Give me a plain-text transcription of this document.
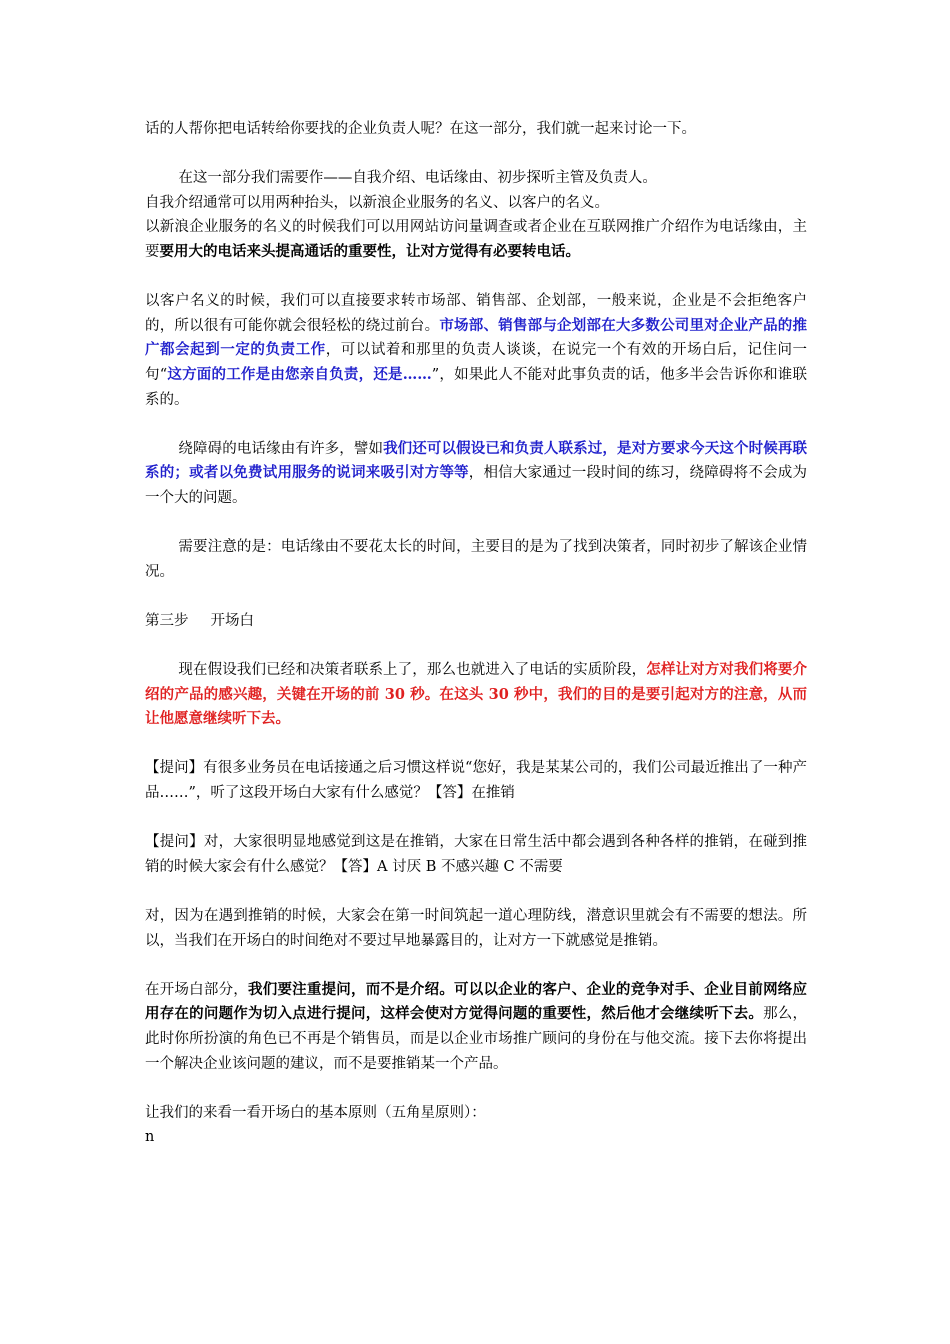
话的人帮你把电话转给你要找的企业负责人呢？在这一部分，我们就一起来讨论一下。

在这一部分我们需要作——自我介绍、电话缘由、初步探听主管及负责人。

自我介绍通常可以用两种抬头，以新浪企业服务的名义、以客户的名义。

以新浪企业服务的名义的时候我们可以用网站访问量调查或者企业在互联网推广介绍作为电话缘由，主要要用大的电话来头提高通话的重要性，让对方觉得有必要转电话。

以客户名义的时候，我们可以直接要求转市场部、销售部、企划部，一般来说，企业是不会拒绝客户的，所以很有可能你就会很轻松的绕过前台。市场部、销售部与企划部在大多数公司里对企业产品的推广都会起到一定的负责工作，可以试着和那里的负责人谈谈，在说完一个有效的开场白后，记住问一句“这方面的工作是由您亲自负责，还是……”，如果此人不能对此事负责的话，他多半会告诉你和谁联系的。

绕障碍的电话缘由有许多，譬如我们还可以假设已和负责人联系过，是对方要求今天这个时候再联系的；或者以免费试用服务的说词来吸引对方等等，相信大家通过一段时间的练习，绕障碍将不会成为一个大的问题。

需要注意的是：电话缘由不要花太长的时间，主要目的是为了找到决策者，同时初步了解该企业情况。

第三步 开场白

现在假设我们已经和决策者联系上了，那么也就进入了电话的实质阶段，怎样让对方对我们将要介绍的产品的感兴趣，关键在开场的前 30 秒。在这头 30 秒中，我们的目的是要引起对方的注意，从而让他愿意继续听下去。

【提问】有很多业务员在电话接通之后习惯这样说“您好，我是某某公司的，我们公司最近推出了一种产品……”，听了这段开场白大家有什么感觉？【答】在推销

【提问】对，大家很明显地感觉到这是在推销，大家在日常生活中都会遇到各种各样的推销，在碰到推销的时候大家会有什么感觉？【答】A 讨厌 B 不感兴趣 C 不需要

对，因为在遇到推销的时候，大家会在第一时间筑起一道心理防线，潜意识里就会有不需要的想法。所以，当我们在开场白的时间绝对不要过早地暴露目的，让对方一下就感觉是推销。

在开场白部分，我们要注重提问，而不是介绍。可以以企业的客户、企业的竞争对手、企业目前网络应用存在的问题作为切入点进行提问，这样会使对方觉得问题的重要性，然后他才会继续听下去。那么，此时你所扮演的角色已不再是个销售员，而是以企业市场推广顾问的身份在与他交流。接下去你将提出一个解决企业该问题的建议，而不是要推销某一个产品。

让我们的来看一看开场白的基本原则（五角星原则）：

n
